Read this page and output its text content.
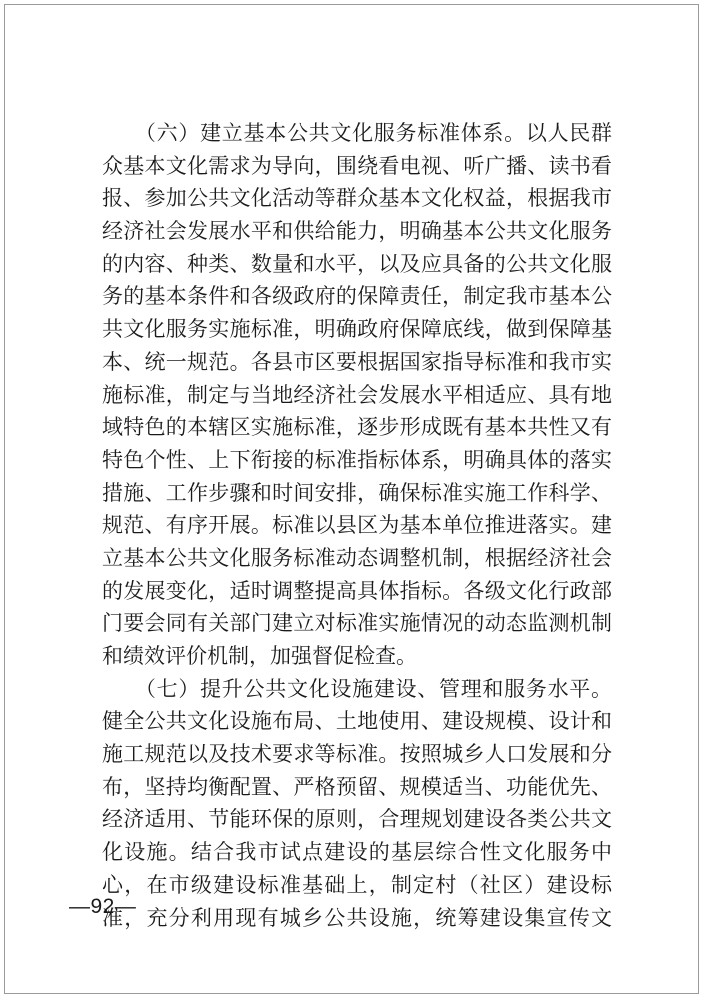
　　（六）建立基本公共文化服务标准体系。以人民群
众基本文化需求为导向，围绕看电视、听广播、读书看
报、参加公共文化活动等群众基本文化权益，根据我市
经济社会发展水平和供给能力，明确基本公共文化服务
的内容、种类、数量和水平，以及应具备的公共文化服
务的基本条件和各级政府的保障责任，制定我市基本公
共文化服务实施标准，明确政府保障底线，做到保障基
本、统一规范。各县市区要根据国家指导标准和我市实
施标准，制定与当地经济社会发展水平相适应、具有地
域特色的本辖区实施标准，逐步形成既有基本共性又有
特色个性、上下衔接的标准指标体系，明确具体的落实
措施、工作步骤和时间安排，确保标准实施工作科学、
规范、有序开展。标准以县区为基本单位推进落实。建
立基本公共文化服务标准动态调整机制，根据经济社会
的发展变化，适时调整提高具体指标。各级文化行政部
门要会同有关部门建立对标准实施情况的动态监测机制
和绩效评价机制，加强督促检查。
　　（七）提升公共文化设施建设、管理和服务水平。
健全公共文化设施布局、土地使用、建设规模、设计和
施工规范以及技术要求等标准。按照城乡人口发展和分
布，坚持均衡配置、严格预留、规模适当、功能优先、
经济适用、节能环保的原则，合理规划建设各类公共文
化设施。结合我市试点建设的基层综合性文化服务中
心，在市级建设标准基础上，制定村（社区）建设标
准，充分利用现有城乡公共设施，统筹建设集宣传文
—92—
